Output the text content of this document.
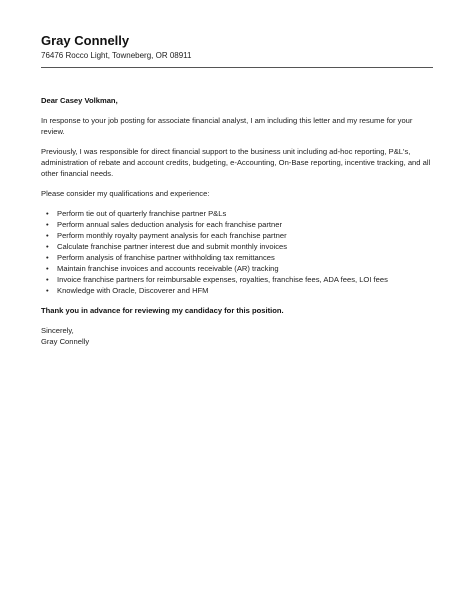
Gray Connelly
76476 Rocco Light, Towneberg, OR 08911

Dear Casey Volkman,

In response to your job posting for associate financial analyst, I am including this letter and my resume for your review.

Previously, I was responsible for direct financial support to the business unit including ad-hoc reporting, P&L's, administration of rebate and account credits, budgeting, e-Accounting, On-Base reporting, incentive tracking, and all other financial needs.

Please consider my qualifications and experience:

• Perform tie out of quarterly franchise partner P&Ls
• Perform annual sales deduction analysis for each franchise partner
• Perform monthly royalty payment analysis for each franchise partner
• Calculate franchise partner interest due and submit monthly invoices
• Perform analysis of franchise partner withholding tax remittances
• Maintain franchise invoices and accounts receivable (AR) tracking
• Invoice franchise partners for reimbursable expenses, royalties, franchise fees, ADA fees, LOI fees
• Knowledge with Oracle, Discoverer and HFM

Thank you in advance for reviewing my candidacy for this position.

Sincerely,

Gray Connelly
